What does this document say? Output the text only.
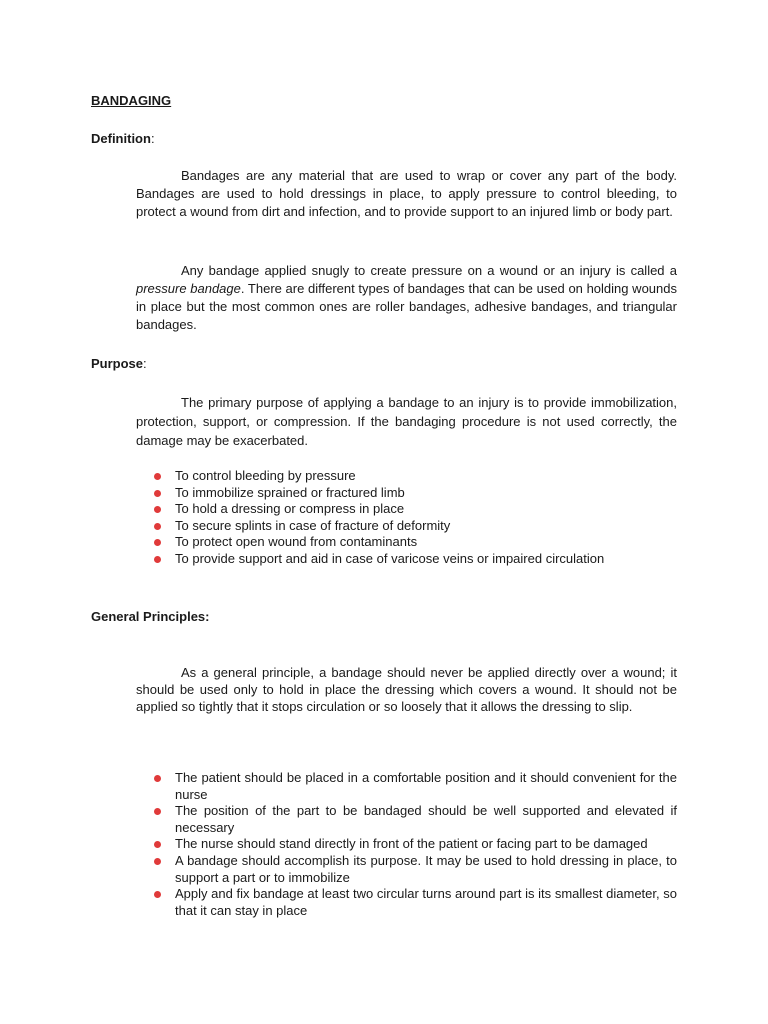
BANDAGING
Definition:
Bandages are any material that are used to wrap or cover any part of the body. Bandages are used to hold dressings in place, to apply pressure to control bleeding, to protect a wound from dirt and infection, and to provide support to an injured limb or body part.
Any bandage applied snugly to create pressure on a wound or an injury is called a pressure bandage. There are different types of bandages that can be used on holding wounds in place but the most common ones are roller bandages, adhesive bandages, and triangular bandages.
Purpose:
The primary purpose of applying a bandage to an injury is to provide immobilization, protection, support, or compression. If the bandaging procedure is not used correctly, the damage may be exacerbated.
To control bleeding by pressure
To immobilize sprained or fractured limb
To hold a dressing or compress in place
To secure splints in case of fracture of deformity
To protect open wound from contaminants
To provide support and aid in case of varicose veins or impaired circulation
General Principles:
As a general principle, a bandage should never be applied directly over a wound; it should be used only to hold in place the dressing which covers a wound. It should not be applied so tightly that it stops circulation or so loosely that it allows the dressing to slip.
The patient should be placed in a comfortable position and it should convenient for the nurse
The position of the part to be bandaged should be well supported and elevated if necessary
The nurse should stand directly in front of the patient or facing part to be damaged
A bandage should accomplish its purpose. It may be used to hold dressing in place, to support a part or to immobilize
Apply and fix bandage at least two circular turns around part is its smallest diameter, so that it can stay in place
